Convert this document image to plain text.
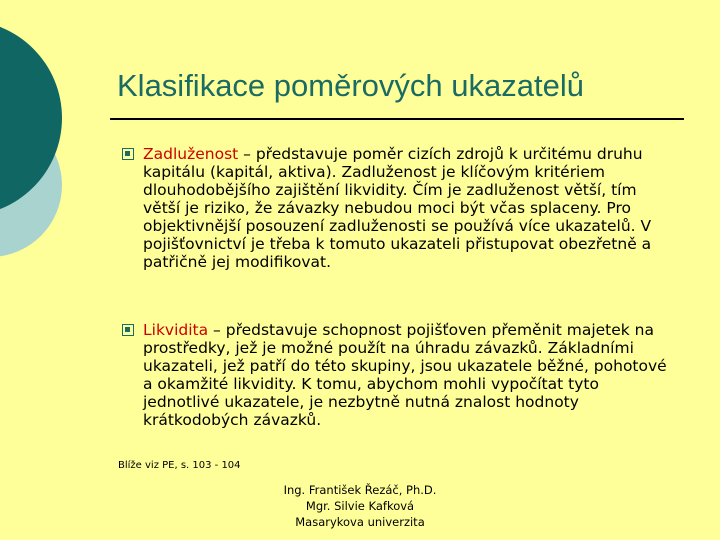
Klasifikace poměrových ukazatelů
Zadluženost – představuje poměr cizích zdrojů k určitému druhu kapitálu (kapitál, aktiva). Zadluženost je klíčovým kritériem dlouhodobějšího zajištění likvidity. Čím je zadluženost větší, tím větší je riziko, že závazky nebudou moci být včas splaceny. Pro objektivnější posouzení zadluženosti se používá více ukazatelů. V pojišťovnictví je třeba k tomuto ukazateli přistupovat obezřetně a patřičně jej modifikovat.
Likvidita – představuje schopnost pojišťoven přeměnit majetek na prostředky, jež je možné použít na úhradu závazků. Základními ukazateli, jež patří do této skupiny, jsou ukazatele běžné, pohotové a okamžité likvidity. K tomu, abychom mohli vypočítat tyto jednotlivé ukazatele, je nezbytně nutná znalost hodnoty krátkodobých závazků.
Blíže viz PE, s. 103 - 104
Ing. František Řezáč, Ph.D.
Mgr. Silvie Kafková
Masarykova univerzita
